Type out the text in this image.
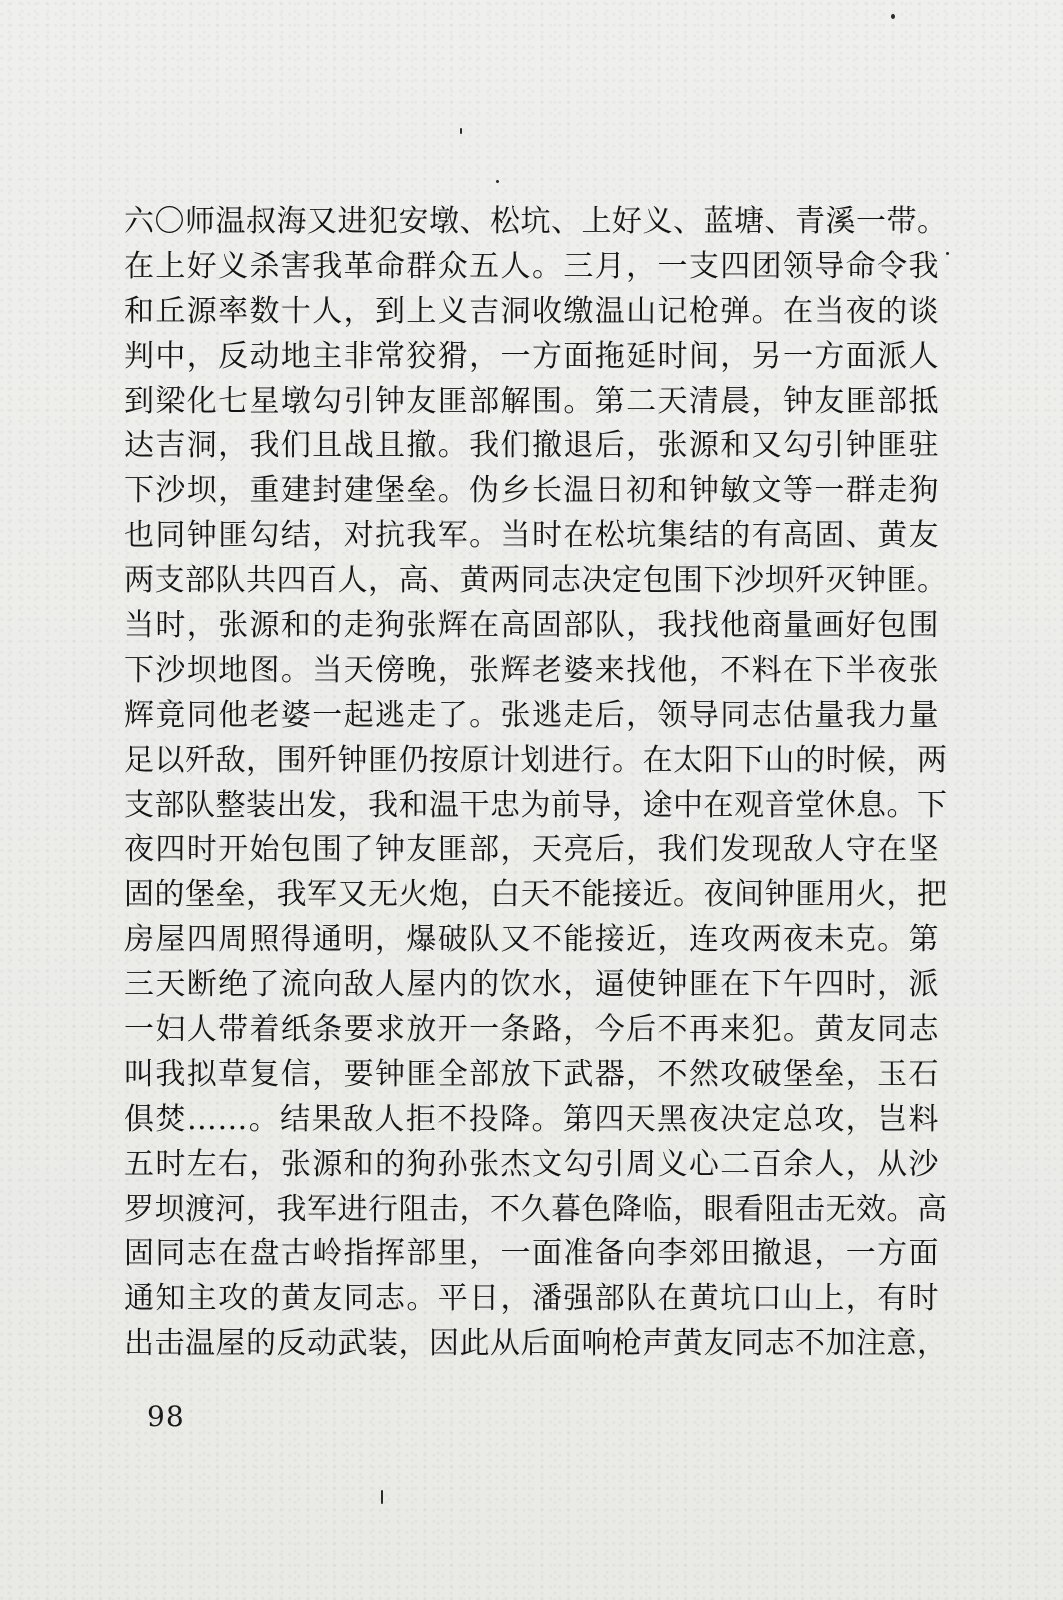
六〇师温叔海又进犯安墩、松坑、上好义、蓝塘、青溪一带。
在上好义杀害我革命群众五人。三月，一支四团领导命令我
和丘源率数十人，到上义吉洞收缴温山记枪弹。在当夜的谈
判中，反动地主非常狡猾，一方面拖延时间，另一方面派人
到梁化七星墩勾引钟友匪部解围。第二天清晨，钟友匪部抵
达吉洞，我们且战且撤。我们撤退后，张源和又勾引钟匪驻
下沙坝，重建封建堡垒。伪乡长温日初和钟敏文等一群走狗
也同钟匪勾结，对抗我军。当时在松坑集结的有高固、黄友
两支部队共四百人，高、黄两同志决定包围下沙坝歼灭钟匪。
当时，张源和的走狗张辉在高固部队，我找他商量画好包围
下沙坝地图。当天傍晚，张辉老婆来找他，不料在下半夜张
辉竟同他老婆一起逃走了。张逃走后，领导同志估量我力量
足以歼敌，围歼钟匪仍按原计划进行。在太阳下山的时候，两
支部队整装出发，我和温干忠为前导，途中在观音堂休息。下
夜四时开始包围了钟友匪部，天亮后，我们发现敌人守在坚
固的堡垒，我军又无火炮，白天不能接近。夜间钟匪用火，把
房屋四周照得通明，爆破队又不能接近，连攻两夜未克。第
三天断绝了流向敌人屋内的饮水，逼使钟匪在下午四时，派
一妇人带着纸条要求放开一条路，今后不再来犯。黄友同志
叫我拟草复信，要钟匪全部放下武器，不然攻破堡垒，玉石
俱焚……。结果敌人拒不投降。第四天黑夜决定总攻，岂料
五时左右，张源和的狗孙张杰文勾引周义心二百余人，从沙
罗坝渡河，我军进行阻击，不久暮色降临，眼看阻击无效。高
固同志在盘古岭指挥部里，一面准备向李郊田撤退，一方面
通知主攻的黄友同志。平日，潘强部队在黄坑口山上，有时
出击温屋的反动武装，因此从后面响枪声黄友同志不加注意，
98
